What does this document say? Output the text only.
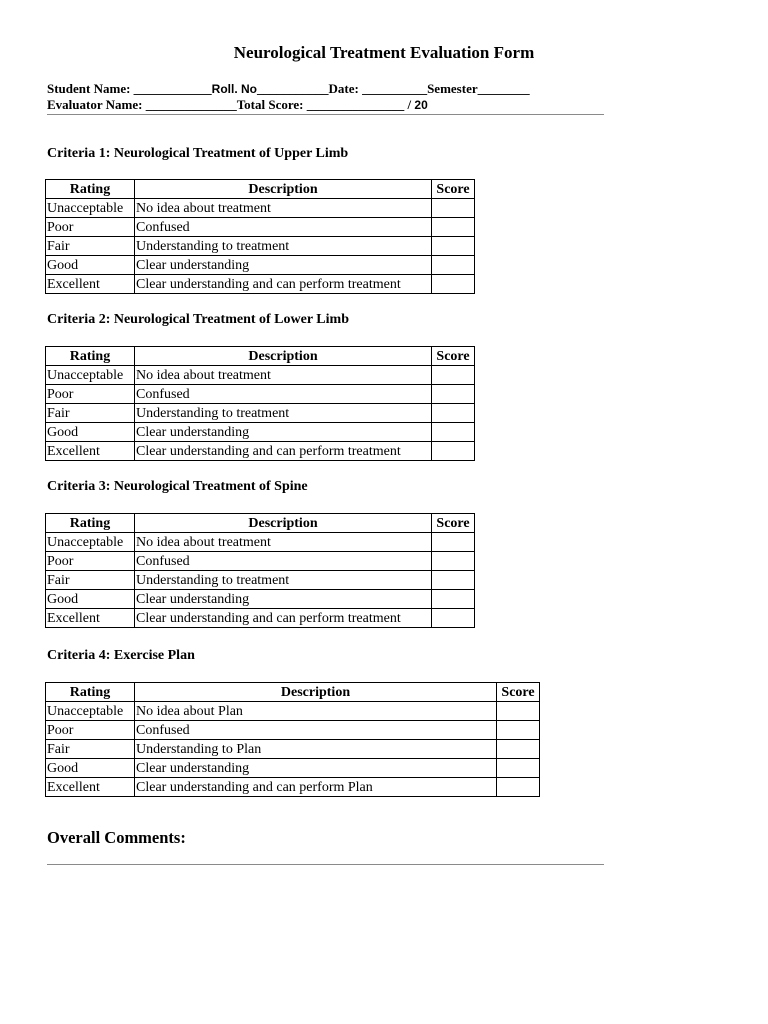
Neurological Treatment Evaluation Form
Student Name: ____________Roll. No___________Date: __________Semester________
Evaluator Name: ______________Total Score: _______________ / 20
Criteria 1: Neurological Treatment of Upper Limb
Rating	Description	Score
Unacceptable	No idea about treatment	
Poor	Confused	
Fair	Understanding to treatment	
Good	Clear understanding	
Excellent	Clear understanding and can perform treatment	
Criteria 2: Neurological Treatment of Lower Limb
Rating	Description	Score
Unacceptable	No idea about treatment	
Poor	Confused	
Fair	Understanding to treatment	
Good	Clear understanding	
Excellent	Clear understanding and can perform treatment	
Criteria 3: Neurological Treatment of Spine
Rating	Description	Score
Unacceptable	No idea about treatment	
Poor	Confused	
Fair	Understanding to treatment	
Good	Clear understanding	
Excellent	Clear understanding and can perform treatment	
Criteria 4: Exercise Plan
Rating	Description	Score
Unacceptable	No idea about Plan	
Poor	Confused	
Fair	Understanding to Plan	
Good	Clear understanding	
Excellent	Clear understanding and can perform Plan	
Overall Comments:
